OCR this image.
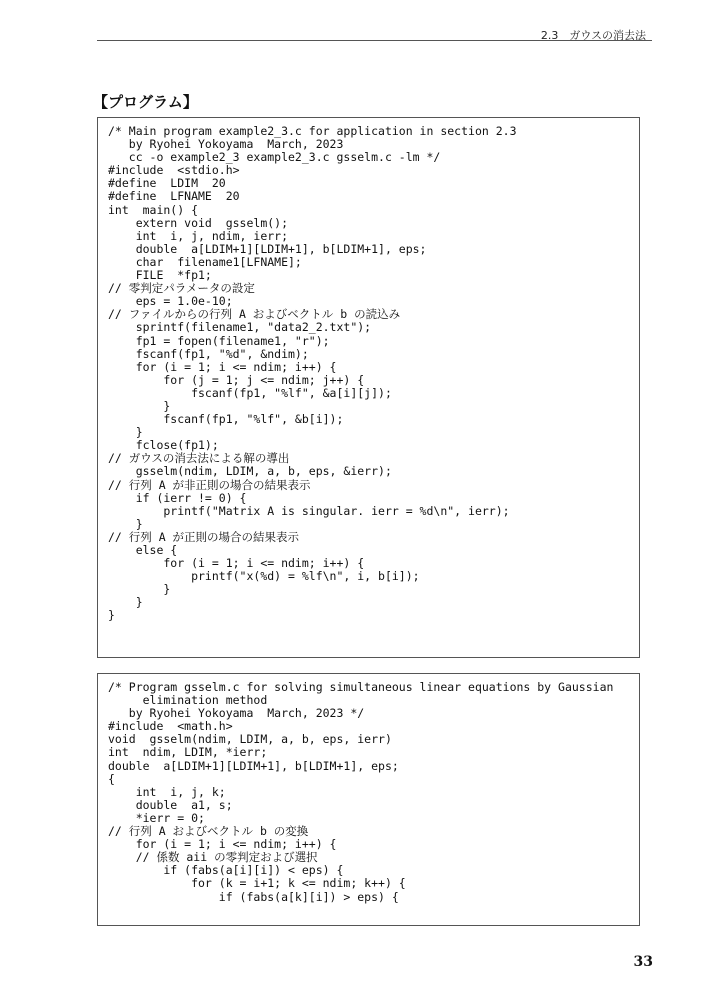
2.3　ガウスの消去法
【プログラム】
/* Main program example2_3.c for application in section 2.3
by Ryohei Yokoyama  March, 2023
cc -o example2_3 example2_3.c gsselm.c -lm */
#include  <stdio.h>
#define  LDIM  20
#define  LFNAME  20
int  main() {
extern void  gsselm();
int  i, j, ndim, ierr;
double  a[LDIM+1][LDIM+1], b[LDIM+1], eps;
char  filename1[LFNAME];
FILE  *fp1;
// 零判定パラメータの設定
eps = 1.0e-10;
// ファイルからの行列 A およびベクトル b の読込み
sprintf(filename1, "data2_2.txt");
fp1 = fopen(filename1, "r");
fscanf(fp1, "%d", &ndim);
for (i = 1; i <= ndim; i++) {
for (j = 1; j <= ndim; j++) {
fscanf(fp1, "%lf", &a[i][j]);
}
fscanf(fp1, "%lf", &b[i]);
}
fclose(fp1);
// ガウスの消去法による解の導出
gsselm(ndim, LDIM, a, b, eps, &ierr);
// 行列 A が非正則の場合の結果表示
if (ierr != 0) {
printf("Matrix A is singular. ierr = %d\n", ierr);
}
// 行列 A が正則の場合の結果表示
else {
for (i = 1; i <= ndim; i++) {
printf("x(%d) = %lf\n", i, b[i]);
}
}
}
/* Program gsselm.c for solving simultaneous linear equations by Gaussian
elimination method
by Ryohei Yokoyama  March, 2023 */
#include  <math.h>
void  gsselm(ndim, LDIM, a, b, eps, ierr)
int  ndim, LDIM, *ierr;
double  a[LDIM+1][LDIM+1], b[LDIM+1], eps;
{
int  i, j, k;
double  a1, s;
*ierr = 0;
// 行列 A およびベクトル b の変換
for (i = 1; i <= ndim; i++) {
// 係数 aii の零判定および選択
if (fabs(a[i][i]) < eps) {
for (k = i+1; k <= ndim; k++) {
if (fabs(a[k][i]) > eps) {
33
